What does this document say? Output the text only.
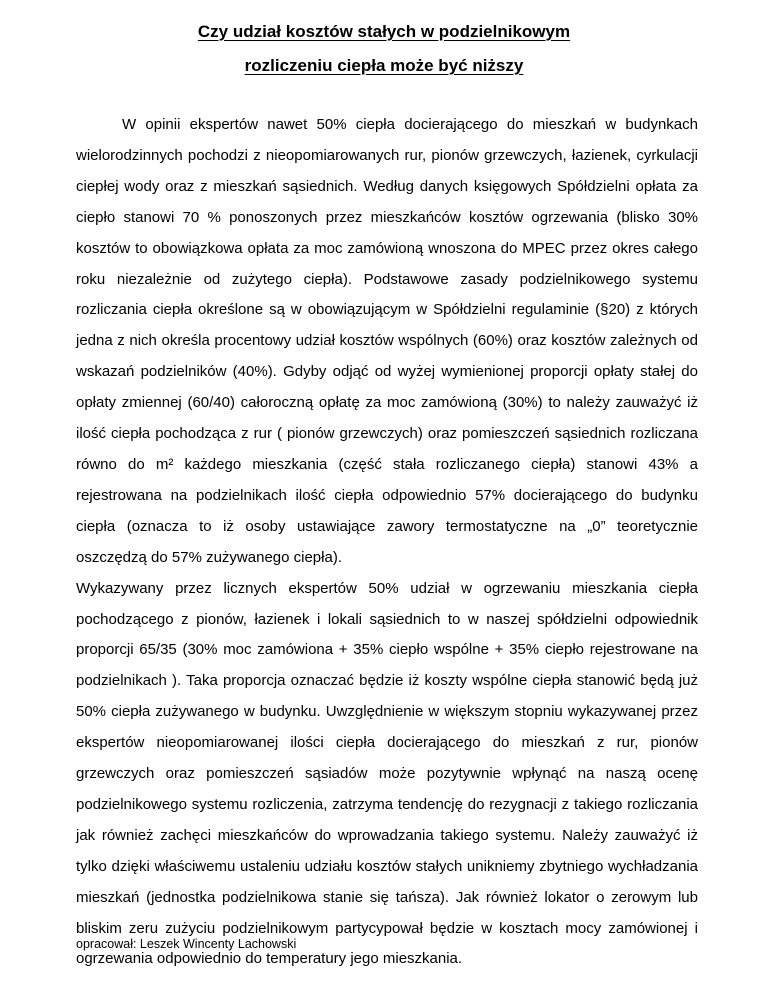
Czy udział kosztów stałych w podzielnikowym
rozliczeniu ciepła może być niższy

W opinii ekspertów nawet 50% ciepła docierającego do mieszkań w budynkach wielorodzinnych pochodzi z nieopomiarowanych rur, pionów grzewczych, łazienek, cyrkulacji ciepłej wody oraz z mieszkań sąsiednich. Według danych księgowych Spółdzielni opłata za ciepło stanowi 70 % ponoszonych przez mieszkańców kosztów ogrzewania (blisko 30% kosztów to obowiązkowa opłata za moc zamówioną wnoszona do MPEC przez okres całego roku niezależnie od zużytego ciepła). Podstawowe zasady podzielnikowego systemu rozliczania ciepła określone są w obowiązującym w Spółdzielni regulaminie (§20) z których jedna z nich określa procentowy udział kosztów wspólnych (60%) oraz kosztów zależnych od wskazań podzielników (40%). Gdyby odjąć od wyżej wymienionej proporcji opłaty stałej do opłaty zmiennej (60/40) całoroczną opłatę za moc zamówioną (30%) to należy zauważyć iż ilość ciepła pochodząca z rur ( pionów grzewczych) oraz pomieszczeń sąsiednich rozliczana równo do m² każdego mieszkania (część stała rozliczanego ciepła) stanowi 43% a rejestrowana na podzielnikach ilość ciepła odpowiednio 57% docierającego do budynku ciepła (oznacza to iż osoby ustawiające zawory termostatyczne na „0” teoretycznie oszczędzą do 57% zużywanego ciepła).

Wykazywany przez licznych ekspertów 50% udział w ogrzewaniu mieszkania ciepła pochodzącego z pionów, łazienek i lokali sąsiednich to w naszej spółdzielni odpowiednik proporcji 65/35 (30% moc zamówiona + 35% ciepło wspólne + 35% ciepło rejestrowane na podzielnikach ). Taka proporcja oznaczać będzie iż koszty wspólne ciepła stanowić będą już 50% ciepła zużywanego w budynku. Uwzględnienie w większym stopniu wykazywanej przez ekspertów nieopomiarowanej ilości ciepła docierającego do mieszkań z rur, pionów grzewczych oraz pomieszczeń sąsiadów może pozytywnie wpłynąć na naszą ocenę podzielnikowego systemu rozliczenia, zatrzyma tendencję do rezygnacji z takiego rozliczania jak również zachęci mieszkańców do wprowadzania takiego systemu. Należy zauważyć iż tylko dzięki właściwemu ustaleniu udziału kosztów stałych unikniemy zbytniego wychładzania mieszkań (jednostka podzielnikowa stanie się tańsza). Jak również lokator o zerowym lub bliskim zeru zużyciu podzielnikowym partycypował będzie w kosztach mocy zamówionej i ogrzewania odpowiednio do temperatury jego mieszkania.

opracował: Leszek Wincenty Lachowski
